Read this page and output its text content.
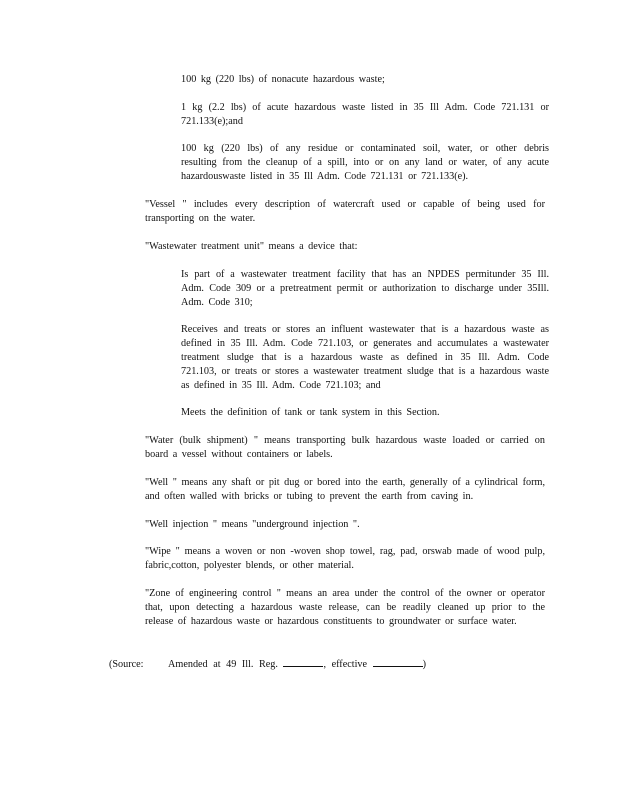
100 kg (220 lbs) of nonacute hazardous waste;

1 kg (2.2 lbs) of acute hazardous waste listed in 35 Ill Adm. Code 721.131 or 721.133(e);and

100 kg (220 lbs) of any residue or contaminated soil, water, or other debris resulting from the cleanup of a spill, into or on any land or water, of any acute hazardouswaste listed in 35 Ill Adm. Code 721.131 or 721.133(e).

"Vessel " includes every description of watercraft used or capable of being used for transporting on the water.

"Wastewater treatment unit" means a device that:

Is part of a wastewater treatment facility that has an NPDES permitunder 35 Ill. Adm. Code 309 or a pretreatment permit or authorization to discharge under 35Ill. Adm. Code 310;

Receives and treats or stores an influent wastewater that is a hazardous waste as defined in 35 Ill. Adm. Code 721.103, or generates and accumulates a wastewater treatment sludge that is a hazardous waste as defined in 35 Ill. Adm. Code 721.103, or treats or stores a wastewater treatment sludge that is a hazardous waste as defined in 35 Ill. Adm. Code 721.103; and

Meets the definition of tank or tank system in this Section.

"Water (bulk shipment) " means transporting bulk hazardous waste loaded or carried on board a vessel without containers or labels.

"Well " means any shaft or pit dug or bored into the earth, generally of a cylindrical form, and often walled with bricks or tubing to prevent the earth from caving in.

"Well injection " means "underground injection ".

"Wipe " means a woven or non -woven shop towel, rag, pad, orswab made of wood pulp, fabric,cotton, polyester blends, or other material.

"Zone of engineering control " means an area under the control of the owner or operator that, upon detecting a hazardous waste release, can be readily cleaned up prior to the release of hazardous waste or hazardous constituents to groundwater or surface water.

(Source: Amended at 49 Ill. Reg.	, effective	)
